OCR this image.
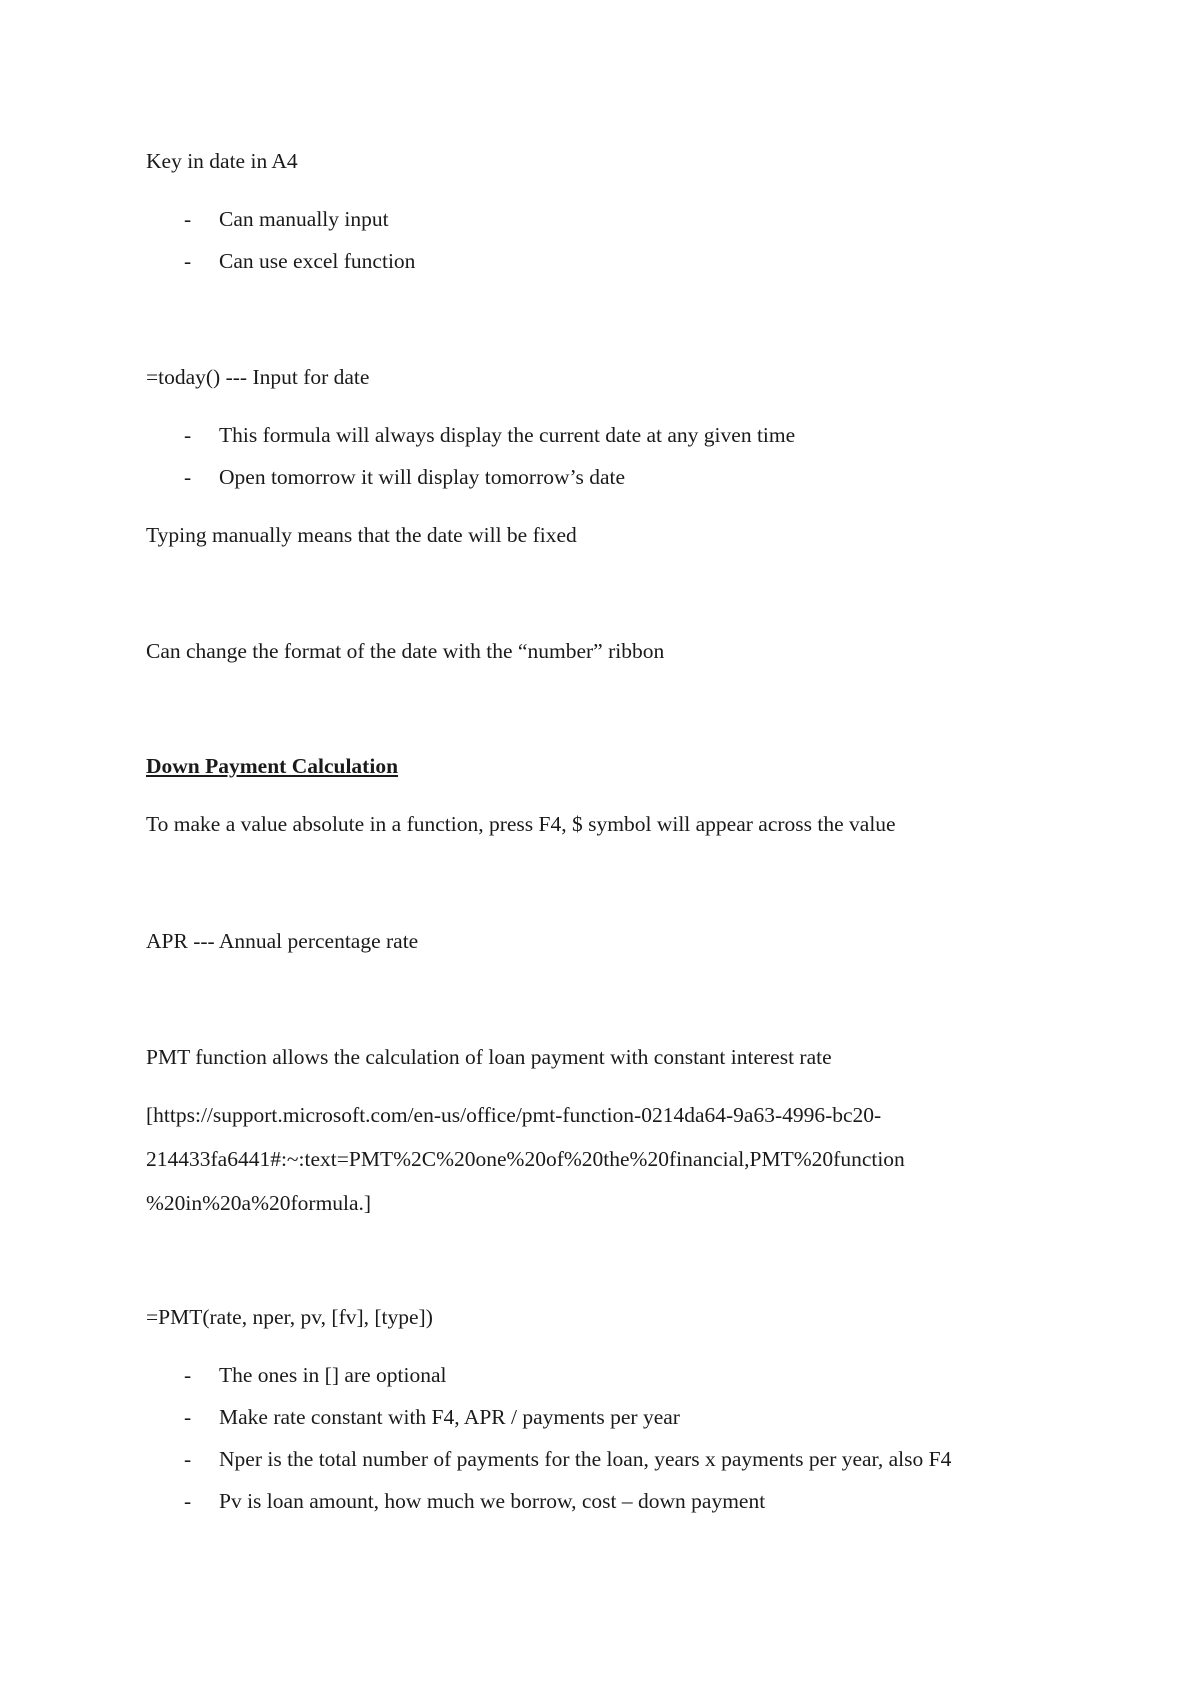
Key in date in A4

- Can manually input
- Can use excel function

=today() --- Input for date

- This formula will always display the current date at any given time
- Open tomorrow it will display tomorrow’s date

Typing manually means that the date will be fixed

Can change the format of the date with the “number” ribbon

Down Payment Calculation

To make a value absolute in a function, press F4, $ symbol will appear across the value

APR --- Annual percentage rate

PMT function allows the calculation of loan payment with constant interest rate

[https://support.microsoft.com/en-us/office/pmt-function-0214da64-9a63-4996-bc20-

214433fa6441#:~:text=PMT%2C%20one%20of%20the%20financial,PMT%20function

%20in%20a%20formula.]

=PMT(rate, nper, pv, [fv], [type])

- The ones in [] are optional
- Make rate constant with F4, APR / payments per year
- Nper is the total number of payments for the loan, years x payments per year, also F4
- Pv is loan amount, how much we borrow, cost – down payment
